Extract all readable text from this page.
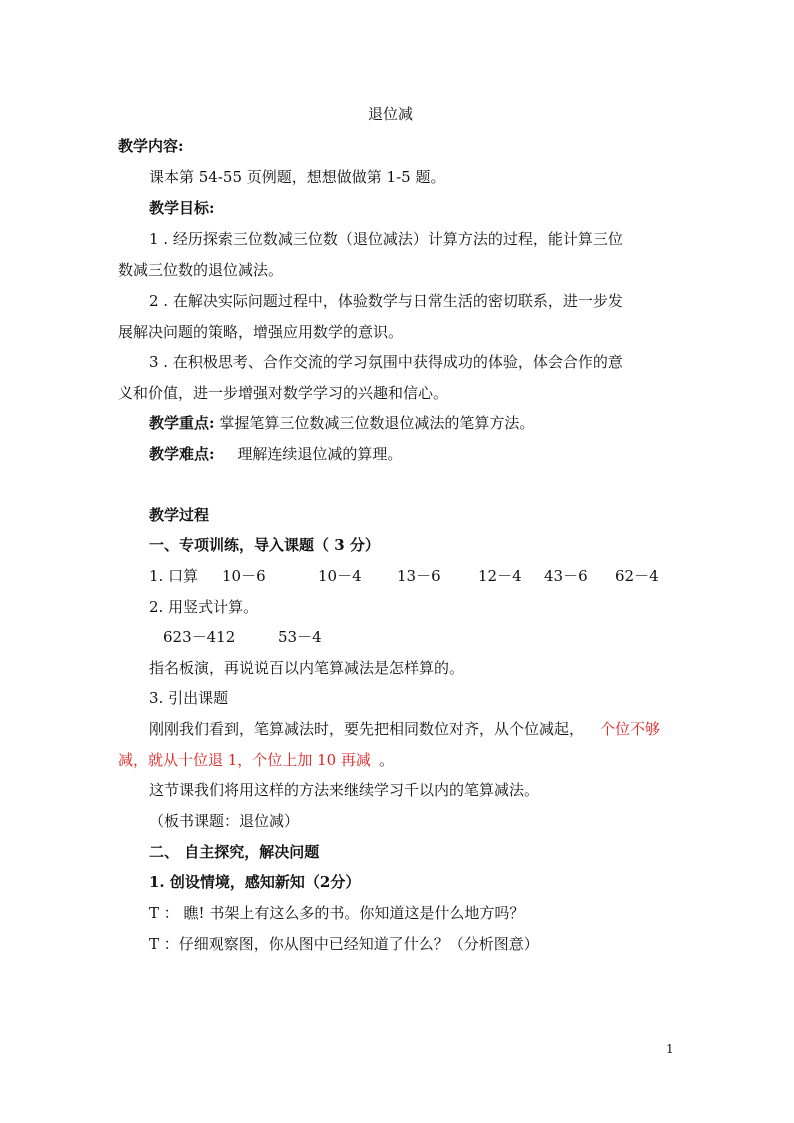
退位减
教学内容:
课本第 54-55 页例题，想想做做第 1-5 题。
教学目标:
1 . 经历探索三位数减三位数（退位减法）计算方法的过程，能计算三位
数减三位数的退位减法。
2 . 在解决实际问题过程中，体验数学与日常生活的密切联系，进一步发
展解决问题的策略，增强应用数学的意识。
3 . 在积极思考、合作交流的学习氛围中获得成功的体验，体会合作的意
义和价值，进一步增强对数学学习的兴趣和信心。
教学重点: 掌握笔算三位数减三位数退位减法的笔算方法。
教学难点: 理解连续退位减的算理。
教学过程
一、专项训练，导入课题（ 3 分）
1. 口算 10－6	10－4 13－6 12－4 43－6 62－4
2. 用竖式计算。
623－412	53－4
指名板演，再说说百以内笔算减法是怎样算的。
3. 引出课题
刚刚我们看到，笔算减法时，要先把相同数位对齐，从个位减起， 个位不够
减，就从十位退 1，个位上加 10 再减 。
这节课我们将用这样的方法来继续学习千以内的笔算减法。
（板书课题：退位减）
二、 自主探究，解决问题
1. 创设情境，感知新知（2分）
T ： 瞧! 书架上有这么多的书。你知道这是什么地方吗？
T ：仔细观察图，你从图中已经知道了什么？（分析图意）
1
